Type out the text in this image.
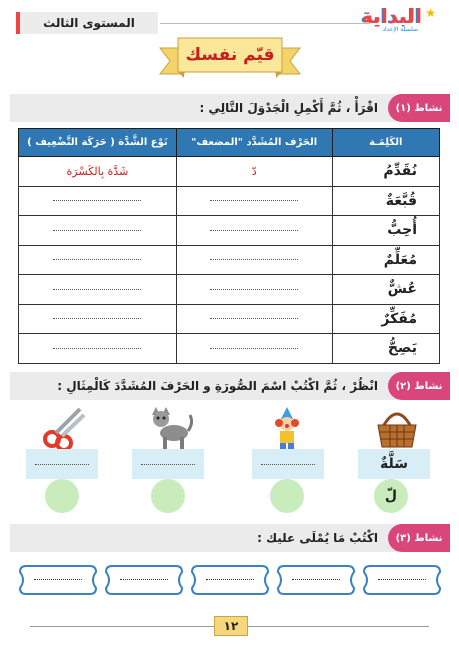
المستوى الثالث
★
البداية
سلسلة الإعداد
قيّم نفسك
نشاط (١)
اقْرَأْ ، ثُمَّ أَكْمِلِ الْجَدْوَلَ التَّالِي :
الكَلِمَـة	الحَرْف المُشَدَّد "المضعف"	نَوْع الشَّدَّة ( حَرَكَة التَّضْعِيف )
نُقَدِّمُ	دّ	شَدَّة بِالكَسْرَة
قُبَّعَةٌ		
أُحِبُّ		
مُعَلِّمٌ		
عُشٌّ		
مُفَكِّرٌ		
يَصِحُّ		
نشاط (٢)
انْظُرْ ، ثُمَّ اكْتُبْ اسْمَ الصُّورَةِ و الحَرْفَ المُشَدَّدَ كَالْمِثَالِ :
سَلَّةٌ
لّ
نشاط (٣)
اكْتُبْ مَا يُمْلَى عليك :
١٢
